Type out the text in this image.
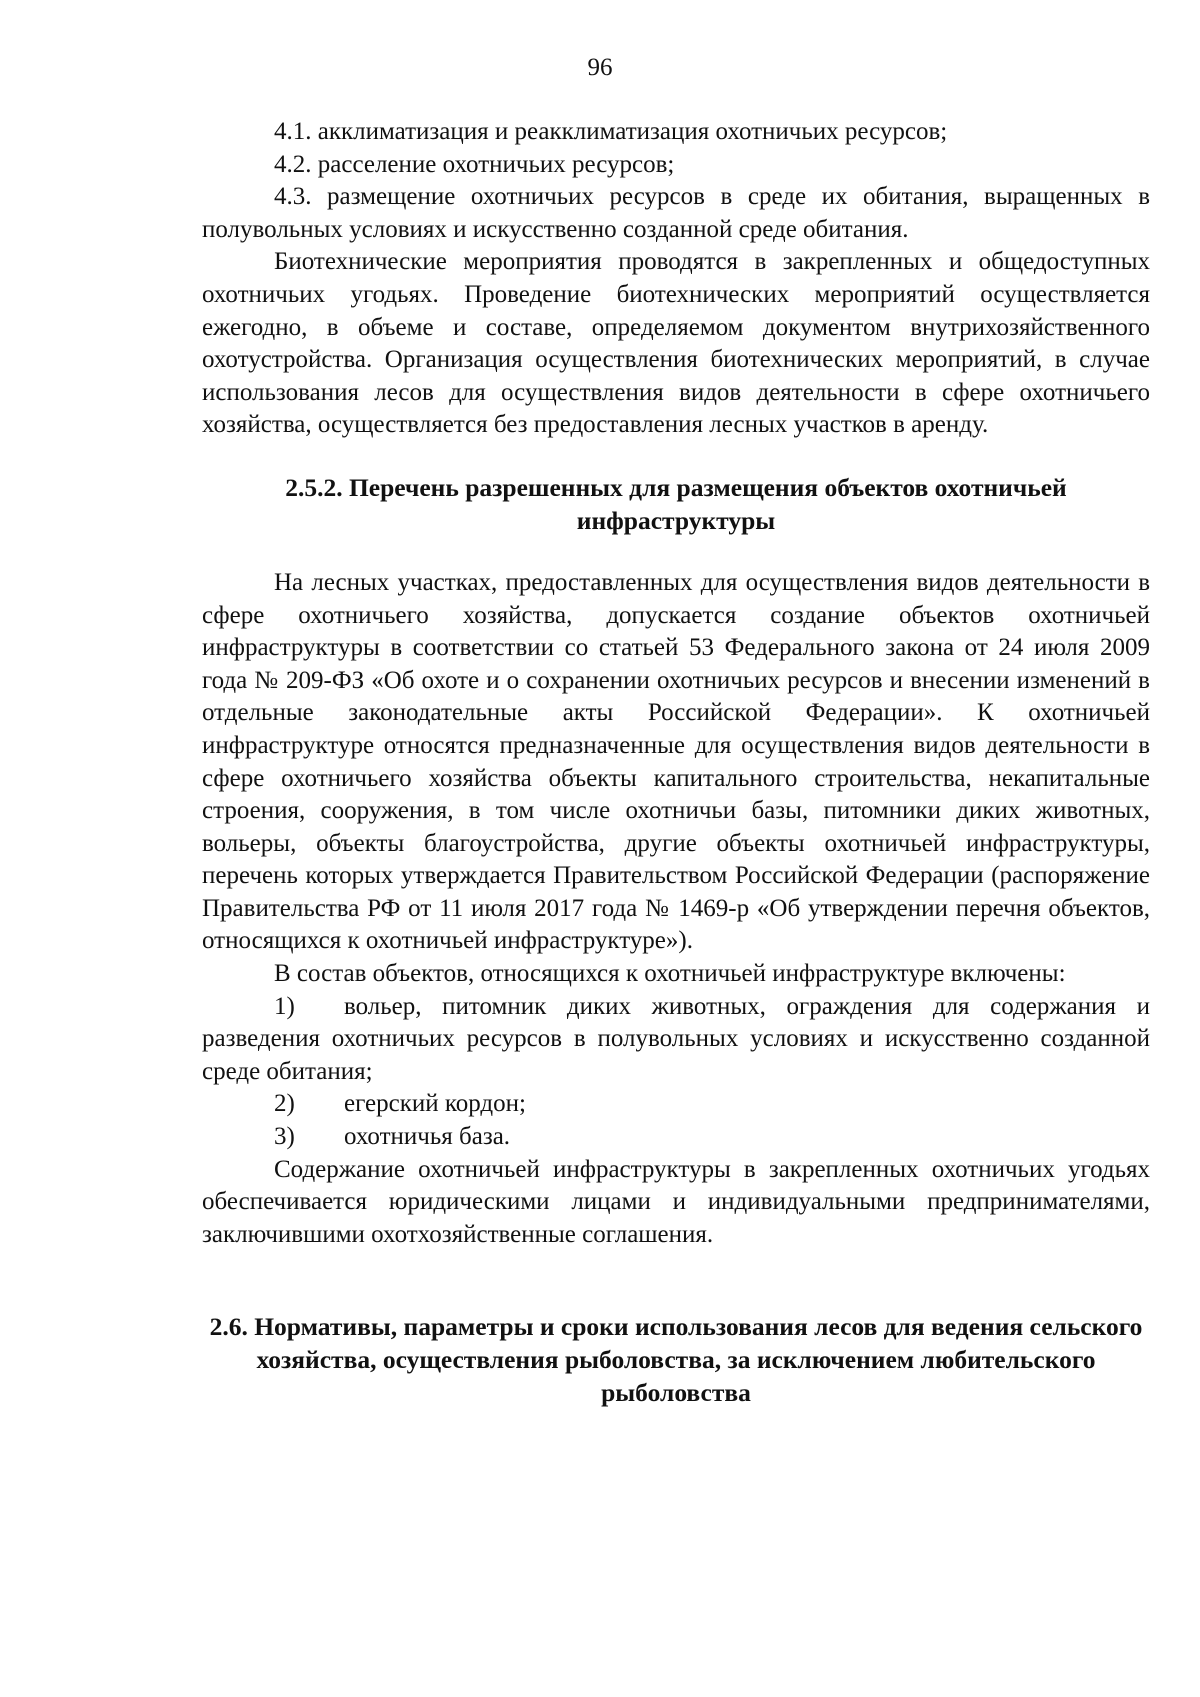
96

4.1. акклиматизация и реакклиматизация охотничьих ресурсов;

4.2. расселение охотничьих ресурсов;

4.3. размещение охотничьих ресурсов в среде их обитания, выращенных в полувольных условиях и искусственно созданной среде обитания.

Биотехнические мероприятия проводятся в закрепленных и общедоступных охотничьих угодьях. Проведение биотехнических мероприятий осуществляется ежегодно, в объеме и составе, определяемом документом внутрихозяйственного охотустройства. Организация осуществления биотехнических мероприятий, в случае использования лесов для осуществления видов деятельности в сфере охотничьего хозяйства, осуществляется без предоставления лесных участков в аренду.

2.5.2. Перечень разрешенных для размещения объектов охотничьей инфраструктуры

На лесных участках, предоставленных для осуществления видов деятельности в сфере охотничьего хозяйства, допускается создание объектов охотничьей инфраструктуры в соответствии со статьей 53 Федерального закона от 24 июля 2009 года № 209-ФЗ «Об охоте и о сохранении охотничьих ресурсов и внесении изменений в отдельные законодательные акты Российской Федерации». К охотничьей инфраструктуре относятся предназначенные для осуществления видов деятельности в сфере охотничьего хозяйства объекты капитального строительства, некапитальные строения, сооружения, в том числе охотничьи базы, питомники диких животных, вольеры, объекты благоустройства, другие объекты охотничьей инфраструктуры, перечень которых утверждается Правительством Российской Федерации (распоряжение Правительства РФ от 11 июля 2017 года № 1469-р «Об утверждении перечня объектов, относящихся к охотничьей инфраструктуре»).

В состав объектов, относящихся к охотничьей инфраструктуре включены:

1) вольер, питомник диких животных, ограждения для содержания и разведения охотничьих ресурсов в полувольных условиях и искусственно созданной среде обитания;

2) егерский кордон;

3) охотничья база.

Содержание охотничьей инфраструктуры в закрепленных охотничьих угодьях обеспечивается юридическими лицами и индивидуальными предпринимателями, заключившими охотхозяйственные соглашения.

2.6. Нормативы, параметры и сроки использования лесов для ведения сельского хозяйства, осуществления рыболовства, за исключением любительского рыболовства
